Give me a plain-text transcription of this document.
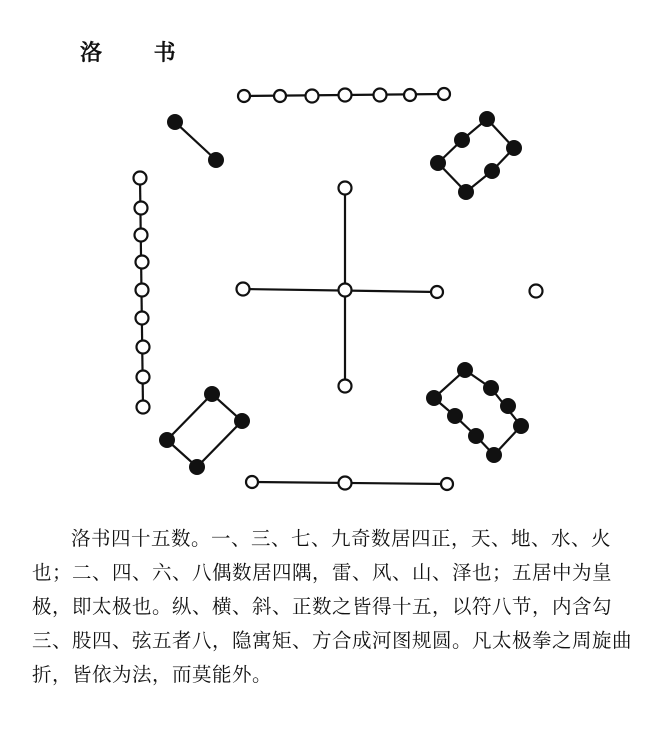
洛 书

洛书四十五数。一、三、七、九奇数居四正，天、地、水、火也；二、四、六、八偶数居四隅，雷、风、山、泽也；五居中为皇极，即太极也。纵、横、斜、正数之皆得十五，以符八节，内含勾三、股四、弦五者八，隐寓矩、方合成河图规圆。凡太极拳之周旋曲折，皆依为法，而莫能外。
